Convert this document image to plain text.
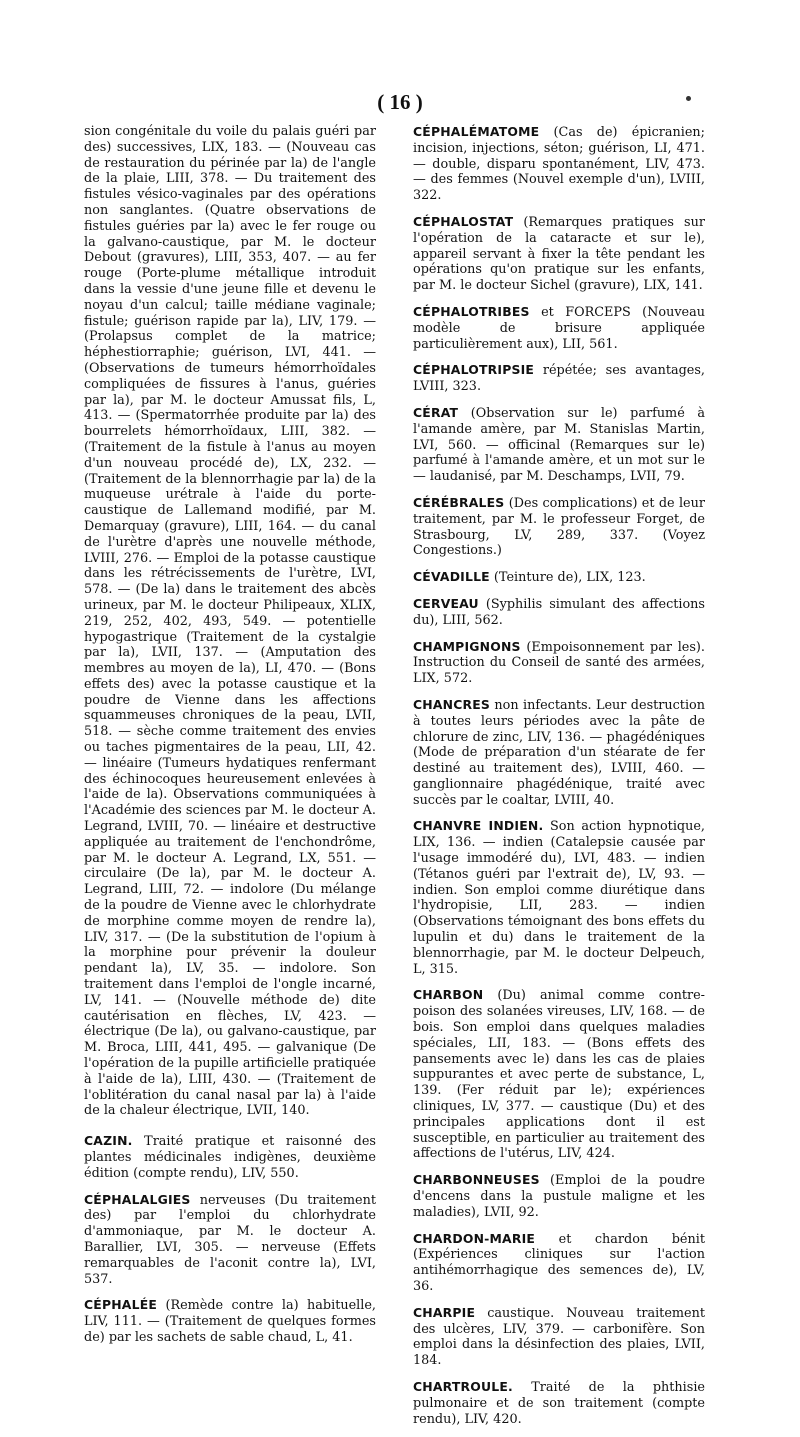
( 16 )

sion congénitale du voile du palais guéri par des) successives, LIX, 183. — (Nouveau cas de restauration du périnée par la) de l'angle de la plaie, LIII, 378. — Du traitement des fistules vésico-vaginales par des opérations non sanglantes. (Quatre observations de fistules guéries par la) avec le fer rouge ou la galvano-caustique, par M. le docteur Debout (gravures), LIII, 353, 407. — au fer rouge (Porte-plume métallique introduit dans la vessie d'une jeune fille et devenu le noyau d'un calcul; taille médiane vaginale; fistule; guérison rapide par la), LIV, 179. — (Prolapsus complet de la matrice; héphestiorraphie; guérison, LVI, 441. — (Observations de tumeurs hémorrhoïdales compliquées de fissures à l'anus, guéries par la), par M. le docteur Amussat fils, L, 413. — (Spermatorrhée produite par la) des bourrelets hémorrhoïdaux, LIII, 382. — (Traitement de la fistule à l'anus au moyen d'un nouveau procédé de), LX, 232. — (Traitement de la blennorrhagie par la) de la muqueuse urétrale à l'aide du porte-caustique de Lallemand modifié, par M. Demarquay (gravure), LIII, 164. — du canal de l'urètre d'après une nouvelle méthode, LVIII, 276. — Emploi de la potasse caustique dans les rétrécissements de l'urètre, LVI, 578. — (De la) dans le traitement des abcès urineux, par M. le docteur Philipeaux, XLIX, 219, 252, 402, 493, 549. — potentielle hypogastrique (Traitement de la cystalgie par la), LVII, 137. — (Amputation des membres au moyen de la), LI, 470. — (Bons effets des) avec la potasse caustique et la poudre de Vienne dans les affections squammeuses chroniques de la peau, LVII, 518. — sèche comme traitement des envies ou taches pigmentaires de la peau, LII, 42. — linéaire (Tumeurs hydatiques renfermant des échinocoques heureusement enlevées à l'aide de la). Observations communiquées à l'Académie des sciences par M. le docteur A. Legrand, LVIII, 70. — linéaire et destructive appliquée au traitement de l'enchondrôme, par M. le docteur A. Legrand, LX, 551. — circulaire (De la), par M. le docteur A. Legrand, LIII, 72. — indolore (Du mélange de la poudre de Vienne avec le chlorhydrate de morphine comme moyen de rendre la), LIV, 317. — (De la substitution de l'opium à la morphine pour prévenir la douleur pendant la), LV, 35. — indolore. Son traitement dans l'emploi de l'ongle incarné, LV, 141. — (Nouvelle méthode de) dite cautérisation en flèches, LV, 423. — électrique (De la), ou galvano-caustique, par M. Broca, LIII, 441, 495. — galvanique (De l'opération de la pupille artificielle pratiquée à l'aide de la), LIII, 430. — (Traitement de l'oblitération du canal nasal par la) à l'aide de la chaleur électrique, LVII, 140.

CAZIN. Traité pratique et raisonné des plantes médicinales indigènes, deuxième édition (compte rendu), LIV, 550.

CÉPHALALGIES nerveuses (Du traitement des) par l'emploi du chlorhydrate d'ammoniaque, par M. le docteur A. Barallier, LVI, 305. — nerveuse (Effets remarquables de l'aconit contre la), LVI, 537.

CÉPHALÉE (Remède contre la) habituelle, LIV, 111. — (Traitement de quelques formes de) par les sachets de sable chaud, L, 41.

CÉPHALÉMATOME (Cas de) épicranien; incision, injections, séton; guérison, LI, 471. — double, disparu spontanément, LIV, 473. — des femmes (Nouvel exemple d'un), LVIII, 322.

CÉPHALOSTAT (Remarques pratiques sur l'opération de la cataracte et sur le), appareil servant à fixer la tête pendant les opérations qu'on pratique sur les enfants, par M. le docteur Sichel (gravure), LIX, 141.

CÉPHALOTRIBES et FORCEPS (Nouveau modèle de brisure appliquée particulièrement aux), LII, 561.

CÉPHALOTRIPSIE répétée; ses avantages, LVIII, 323.

CÉRAT (Observation sur le) parfumé à l'amande amère, par M. Stanislas Martin, LVI, 560. — officinal (Remarques sur le) parfumé à l'amande amère, et un mot sur le — laudanisé, par M. Deschamps, LVII, 79.

CÉRÉBRALES (Des complications) et de leur traitement, par M. le professeur Forget, de Strasbourg, LV, 289, 337. (Voyez Congestions.)

CÉVADILLE (Teinture de), LIX, 123.

CERVEAU (Syphilis simulant des affections du), LIII, 562.

CHAMPIGNONS (Empoisonnement par les). Instruction du Conseil de santé des armées, LIX, 572.

CHANCRES non infectants. Leur destruction à toutes leurs périodes avec la pâte de chlorure de zinc, LIV, 136. — phagédéniques (Mode de préparation d'un stéarate de fer destiné au traitement des), LVIII, 460. — ganglionnaire phagédénique, traité avec succès par le coaltar, LVIII, 40.

CHANVRE INDIEN. Son action hypnotique, LIX, 136. — indien (Catalepsie causée par l'usage immodéré du), LVI, 483. — indien (Tétanos guéri par l'extrait de), LV, 93. — indien. Son emploi comme diurétique dans l'hydropisie, LII, 283. — indien (Observations témoignant des bons effets du lupulin et du) dans le traitement de la blennorrhagie, par M. le docteur Delpeuch, L, 315.

CHARBON (Du) animal comme contre-poison des solanées vireuses, LIV, 168. — de bois. Son emploi dans quelques maladies spéciales, LII, 183. — (Bons effets des pansements avec le) dans les cas de plaies suppurantes et avec perte de substance, L, 139. (Fer réduit par le); expériences cliniques, LV, 377. — caustique (Du) et des principales applications dont il est susceptible, en particulier au traitement des affections de l'utérus, LIV, 424.

CHARBONNEUSES (Emploi de la poudre d'encens dans la pustule maligne et les maladies), LVII, 92.

CHARDON-MARIE et chardon bénit (Expériences cliniques sur l'action antihémorrhagique des semences de), LV, 36.

CHARPIE caustique. Nouveau traitement des ulcères, LIV, 379. — carbonifère. Son emploi dans la désinfection des plaies, LVII, 184.

CHARTROULE. Traité de la phthisie pulmonaire et de son traitement (compte rendu), LIV, 420.
